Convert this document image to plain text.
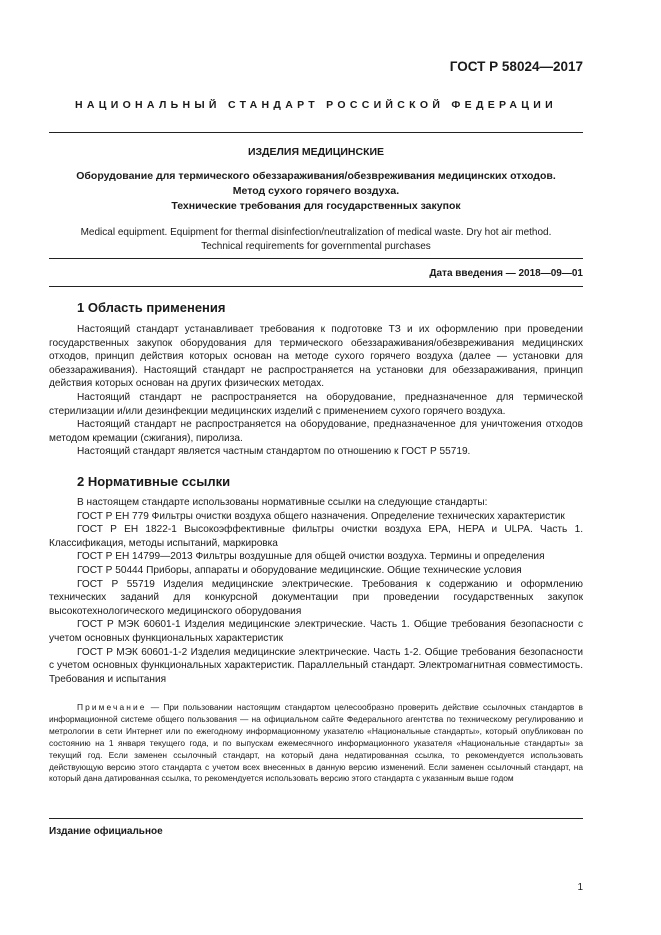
ГОСТ Р 58024—2017
НАЦИОНАЛЬНЫЙ СТАНДАРТ РОССИЙСКОЙ ФЕДЕРАЦИИ
ИЗДЕЛИЯ МЕДИЦИНСКИЕ
Оборудование для термического обеззараживания/обезвреживания медицинских отходов.
Метод сухого горячего воздуха.
Технические требования для государственных закупок
Medical equipment. Equipment for thermal disinfection/neutralization of medical waste. Dry hot air method.
Technical requirements for governmental purchases
Дата введения — 2018—09—01
1 Область применения

Настоящий стандарт устанавливает требования к подготовке ТЗ и их оформлению при проведении государственных закупок оборудования для термического обеззараживания/обезвреживания медицинских отходов, принцип действия которых основан на методе сухого горячего воздуха (далее — установки для обеззараживания). Настоящий стандарт не распространяется на установки для обеззараживания, принцип действия которых основан на других физических методах.

Настоящий стандарт не распространяется на оборудование, предназначенное для термической стерилизации и/или дезинфекции медицинских изделий с применением сухого горячего воздуха.

Настоящий стандарт не распространяется на оборудование, предназначенное для уничтожения отходов методом кремации (сжигания), пиролиза.

Настоящий стандарт является частным стандартом по отношению к ГОСТ Р 55719.

2 Нормативные ссылки

В настоящем стандарте использованы нормативные ссылки на следующие стандарты:

ГОСТ Р ЕН 779 Фильтры очистки воздуха общего назначения. Определение технических характеристик

ГОСТ Р ЕН 1822-1 Высокоэффективные фильтры очистки воздуха EPA, HEPA и ULPA. Часть 1. Классификация, методы испытаний, маркировка

ГОСТ Р ЕН 14799—2013 Фильтры воздушные для общей очистки воздуха. Термины и определения

ГОСТ Р 50444 Приборы, аппараты и оборудование медицинские. Общие технические условия

ГОСТ Р 55719 Изделия медицинские электрические. Требования к содержанию и оформлению технических заданий для конкурсной документации при проведении государственных закупок высокотехнологического медицинского оборудования

ГОСТ Р МЭК 60601-1 Изделия медицинские электрические. Часть 1. Общие требования безопасности с учетом основных функциональных характеристик

ГОСТ Р МЭК 60601-1-2 Изделия медицинские электрические. Часть 1-2. Общие требования безопасности с учетом основных функциональных характеристик. Параллельный стандарт. Электромагнитная совместимость. Требования и испытания

Примечание — При пользовании настоящим стандартом целесообразно проверить действие ссылочных стандартов в информационной системе общего пользования — на официальном сайте Федерального агентства по техническому регулированию и метрологии в сети Интернет или по ежегодному информационному указателю «Национальные стандарты», который опубликован по состоянию на 1 января текущего года, и по выпускам ежемесячного информационного указателя «Национальные стандарты» за текущий год. Если заменен ссылочный стандарт, на который дана недатированная ссылка, то рекомендуется использовать действующую версию этого стандарта с учетом всех внесенных в данную версию изменений. Если заменен ссылочный стандарт, на который дана датированная ссылка, то рекомендуется использовать версию этого стандарта с указанным выше годом

Издание официальное
1
